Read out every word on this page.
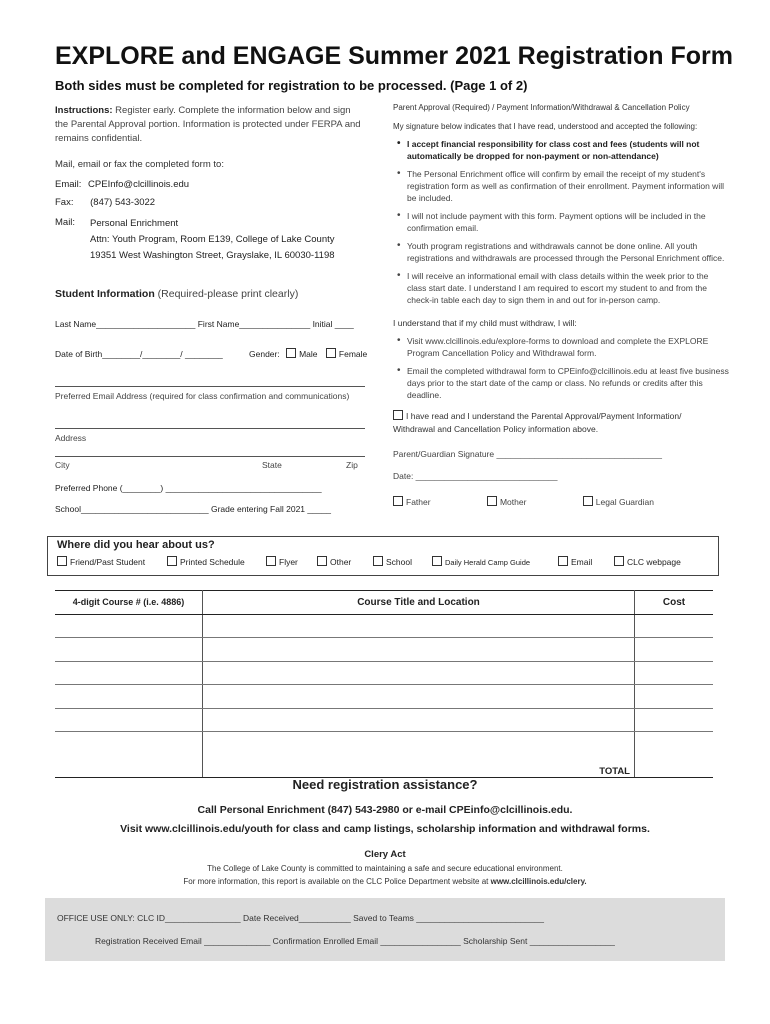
EXPLORE and ENGAGE Summer 2021 Registration Form
Both sides must be completed for registration to be processed. (Page 1 of 2)
Instructions: Register early. Complete the information below and sign the Parental Approval portion. Information is protected under FERPA and remains confidential.
Mail, email or fax the completed form to:
Email: CPEInfo@clcillinois.edu
Fax: (847) 543-3022
Mail: Personal Enrichment
Attn: Youth Program, Room E139, College of Lake County
19351 West Washington Street, Grayslake, IL 60030-1198
Student Information (Required-please print clearly)
Last Name_____________________ First Name_______________ Initial ____
Date of Birth________/________/ ________	Gender: Male	Female
Preferred Email Address (required for class confirmation and communications)
Address
City	State	Zip
Preferred Phone (________) _________________________________
School___________________________ Grade entering Fall 2021 _____
Parent Approval (Required) / Payment Information/Withdrawal & Cancellation Policy
My signature below indicates that I have read, understood and accepted the following:
• I accept financial responsibility for class cost and fees (students will not automatically be dropped for non-payment or non-attendance)
• The Personal Enrichment office will confirm by email the receipt of my student's registration form as well as confirmation of their enrollment. Payment information will be included.
• I will not include payment with this form. Payment options will be included in the confirmation email.
• Youth program registrations and withdrawals cannot be done online. All youth registrations and withdrawals are processed through the Personal Enrichment office.
• I will receive an informational email with class details within the week prior to the class start date. I understand I am required to escort my student to and from the check-in table each day to sign them in and out for in-person camp.
I understand that if my child must withdraw, I will:
• Visit www.clcillinois.edu/explore-forms to download and complete the EXPLORE Program Cancellation Policy and Withdrawal form.
• Email the completed withdrawal form to CPEinfo@clcillinois.edu at least five business days prior to the start date of the camp or class. No refunds or credits after this deadline.
I have read and I understand the Parental Approval/Payment Information/ Withdrawal and Cancellation Policy information above.
Parent/Guardian Signature ___________________________________
Date: ______________________________
Father	Mother	Legal Guardian
Where did you hear about us?
Friend/Past Student	Printed Schedule	Flyer	Other	School	Daily Herald Camp Guide	Email	CLC webpage
4-digit Course # (i.e. 4886)	Course Title and Location	Cost

	TOTAL	
Need registration assistance?
Call Personal Enrichment (847) 543-2980 or e-mail CPEinfo@clcillinois.edu.
Visit www.clcillinois.edu/youth for class and camp listings, scholarship information and withdrawal forms.
Clery Act
The College of Lake County is committed to maintaining a safe and secure educational environment.
For more information, this report is available on the CLC Police Department website at www.clcillinois.edu/clery.
OFFICE USE ONLY: CLC ID________________ Date Received___________ Saved to Teams ___________________________
Registration Received Email ______________ Confirmation Enrolled Email _________________ Scholarship Sent __________________
